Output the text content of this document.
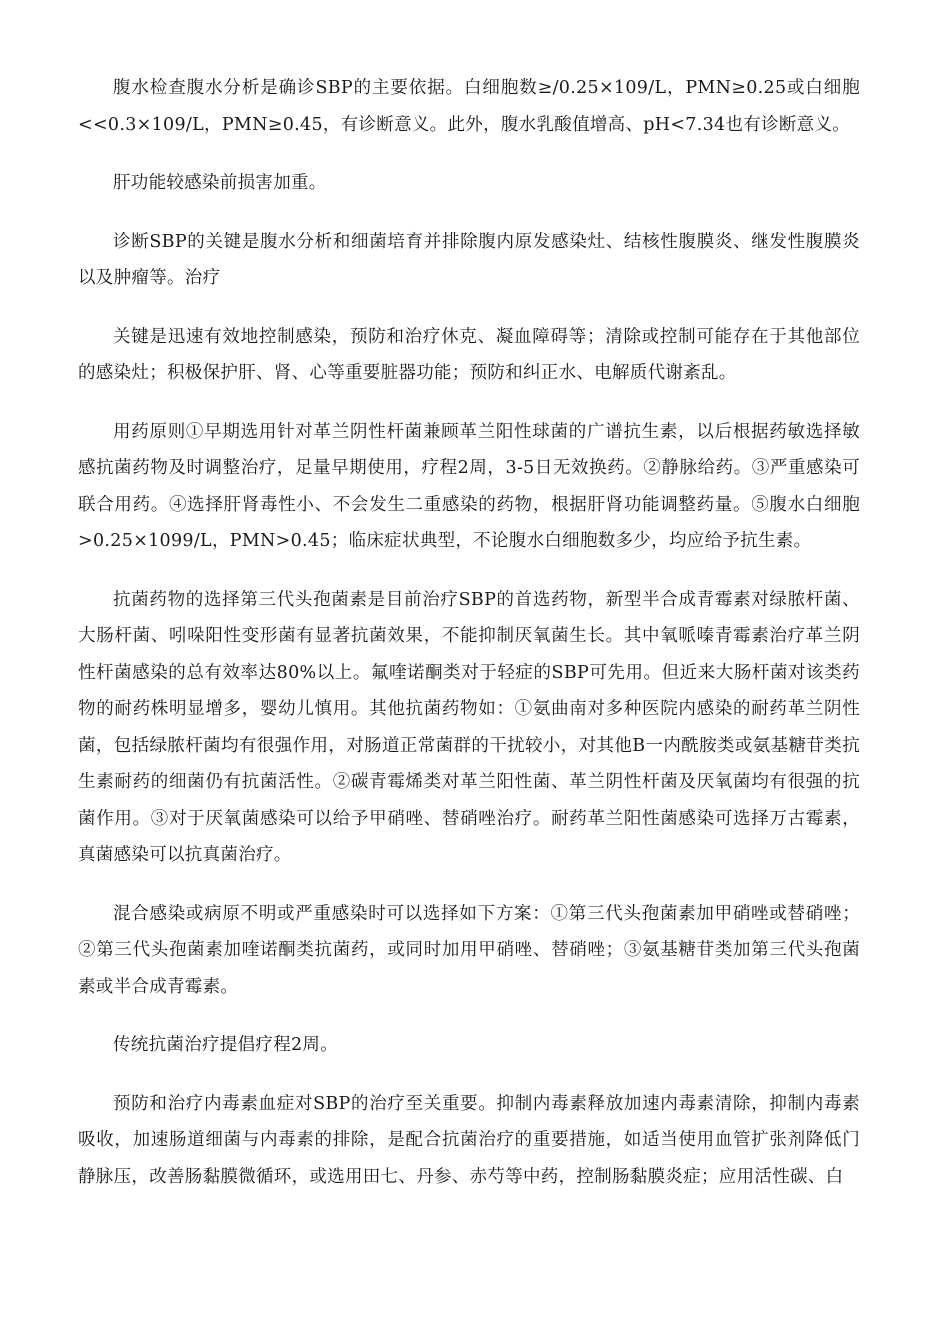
腹水检查腹水分析是确诊SBP的主要依据。白细胞数≥/0.25×109/L，PMN≥0.25或白细胞<<0.3×109/L，PMN≥0.45，有诊断意义。此外，腹水乳酸值增高、pH<7.34也有诊断意义。

肝功能较感染前损害加重。

诊断SBP的关键是腹水分析和细菌培育并排除腹内原发感染灶、结核性腹膜炎、继发性腹膜炎以及肿瘤等。治疗

关键是迅速有效地控制感染，预防和治疗休克、凝血障碍等；清除或控制可能存在于其他部位的感染灶；积极保护肝、肾、心等重要脏器功能；预防和纠正水、电解质代谢紊乱。

用药原则①早期选用针对革兰阴性杆菌兼顾革兰阳性球菌的广谱抗生素，以后根据药敏选择敏感抗菌药物及时调整治疗，足量早期使用，疗程2周，3-5日无效换药。②静脉给药。③严重感染可联合用药。④选择肝肾毒性小、不会发生二重感染的药物，根据肝肾功能调整药量。⑤腹水白细胞>0.25×1099/L，PMN>0.45；临床症状典型，不论腹水白细胞数多少，均应给予抗生素。

抗菌药物的选择第三代头孢菌素是目前治疗SBP的首选药物，新型半合成青霉素对绿脓杆菌、大肠杆菌、吲哚阳性变形菌有显著抗菌效果，不能抑制厌氧菌生长。其中氧哌嗪青霉素治疗革兰阴性杆菌感染的总有效率达80%以上。氟喹诺酮类对于轻症的SBP可先用。但近来大肠杆菌对该类药物的耐药株明显增多，婴幼儿慎用。其他抗菌药物如：①氨曲南对多种医院内感染的耐药革兰阴性菌，包括绿脓杆菌均有很强作用，对肠道正常菌群的干扰较小，对其他B一内酰胺类或氨基糖苷类抗生素耐药的细菌仍有抗菌活性。②碳青霉烯类对革兰阳性菌、革兰阴性杆菌及厌氧菌均有很强的抗菌作用。③对于厌氧菌感染可以给予甲硝唑、替硝唑治疗。耐药革兰阳性菌感染可选择万古霉素，真菌感染可以抗真菌治疗。

混合感染或病原不明或严重感染时可以选择如下方案：①第三代头孢菌素加甲硝唑或替硝唑；②第三代头孢菌素加喹诺酮类抗菌药，或同时加用甲硝唑、替硝唑；③氨基糖苷类加第三代头孢菌素或半合成青霉素。

传统抗菌治疗提倡疗程2周。

预防和治疗内毒素血症对SBP的治疗至关重要。抑制内毒素释放加速内毒素清除，抑制内毒素吸收，加速肠道细菌与内毒素的排除，是配合抗菌治疗的重要措施，如适当使用血管扩张剂降低门静脉压，改善肠黏膜微循环，或选用田七、丹参、赤芍等中药，控制肠黏膜炎症；应用活性碳、白
